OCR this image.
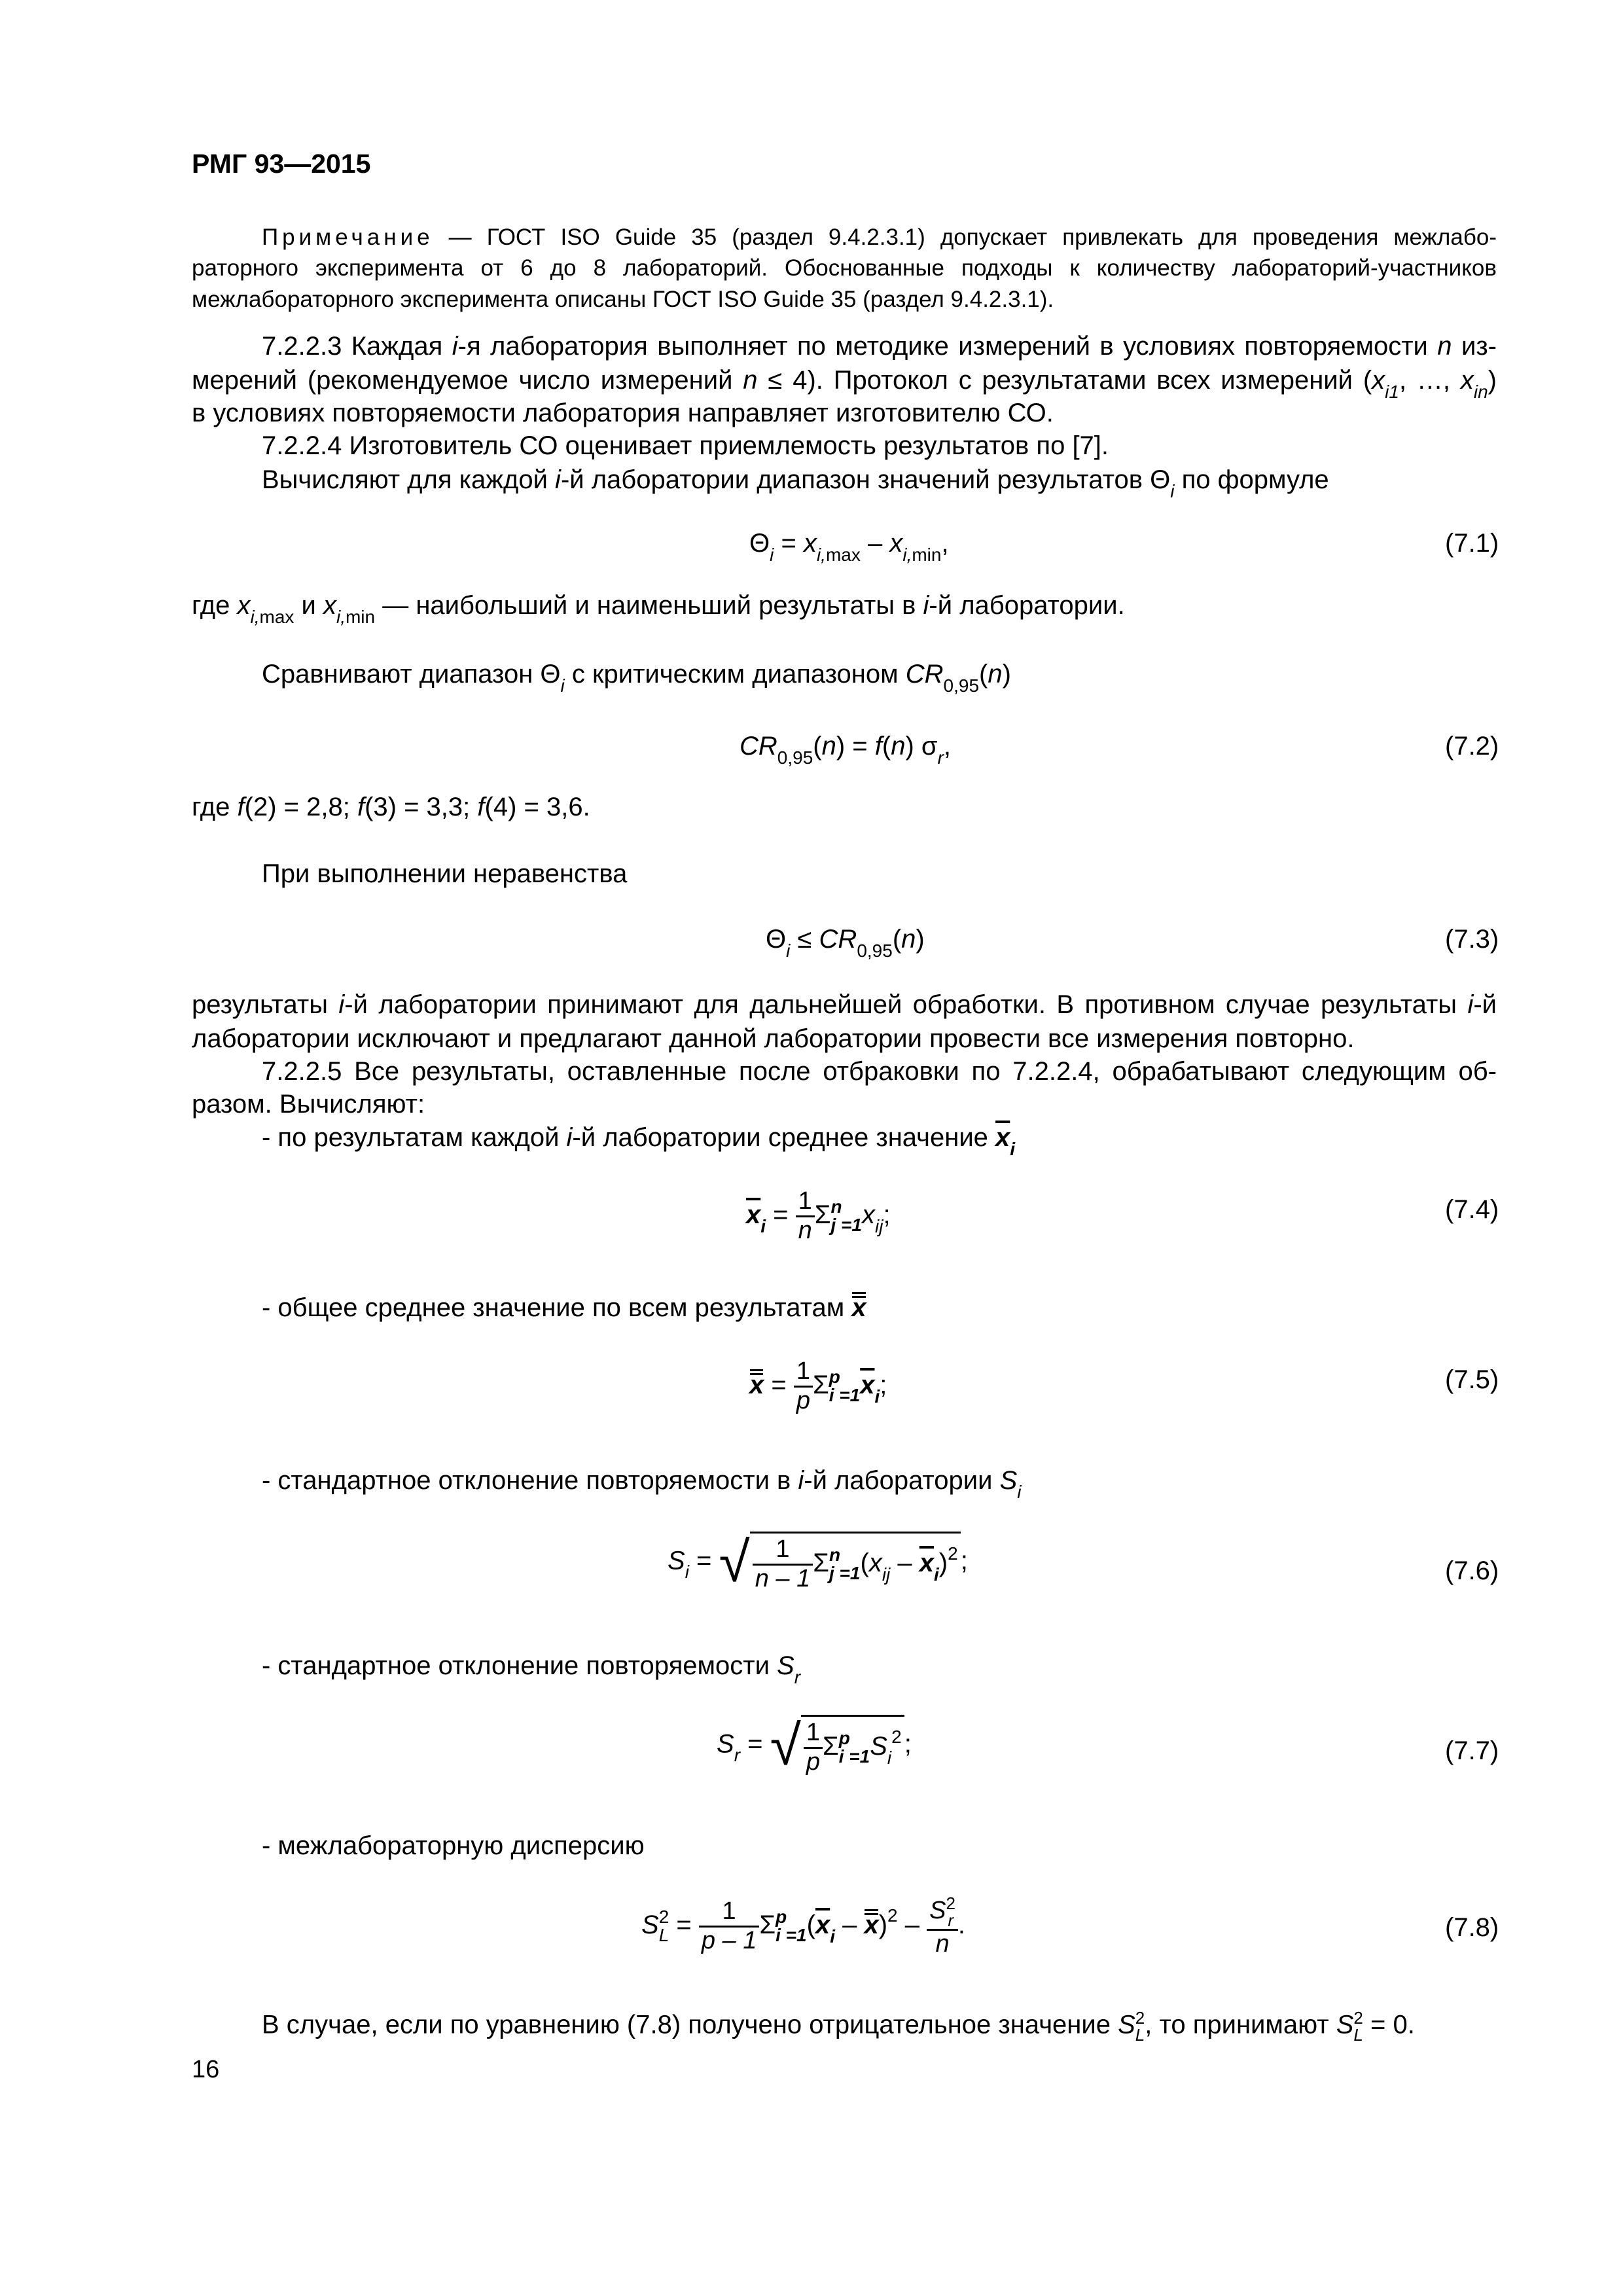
РМГ 93—2015
Примечание — ГОСТ ISO Guide 35 (раздел 9.4.2.3.1) допускает привлекать для проведения межлабо-
раторного эксперимента от 6 до 8 лабораторий. Обоснованные подходы к количеству лабораторий-участников
межлабораторного эксперимента описаны ГОСТ ISO Guide 35 (раздел 9.4.2.3.1).
7.2.2.3 Каждая i-я лаборатория выполняет по методике измерений в условиях повторяемости n из-
мерений (рекомендуемое число измерений n ≤ 4). Протокол с результатами всех измерений ($x_{i1}$, …, $x_{in}$)
в условиях повторяемости лаборатория направляет изготовителю СО.
7.2.2.4 Изготовитель СО оценивает приемлемость результатов по [7].
Вычисляют для каждой i-й лаборатории диапазон значений результатов $\Theta_i$ по формуле
$\Theta_i = x_{i,max} - x_{i,min}$,	(7.1)
где $x_{i,max}$ и $x_{i,min}$ — наибольший и наименьший результаты в i-й лаборатории.
Сравнивают диапазон $\Theta_i$ с критическим диапазоном $CR_{0,95}(n)$
$CR_{0,95}(n) = f(n)$ $\sigma_r$,	(7.2)
где f(2) = 2,8; f(3) = 3,3; f(4) = 3,6.
При выполнении неравенства
$\Theta_i \le CR_{0,95}(n)$	(7.3)
результаты i-й лаборатории принимают для дальнейшей обработки. В противном случае результаты i-й
лаборатории исключают и предлагают данной лаборатории провести все измерения повторно.
7.2.2.5 Все результаты, оставленные после отбраковки по 7.2.2.4, обрабатывают следующим об-
разом. Вычисляют:
- по результатам каждой i-й лаборатории среднее значение $\overline{x}_i$
$\overline{x}_i = \frac{1}{n}$ Σ n
j =1 $x_{ij}$;	(7.4)
- общее среднее значение по всем результатам x
$x = \frac{1}{p}$ Σ p
i =1 $\overline{x}_i$;	(7.5)
- стандартное отклонение повторяемости в i-й лаборатории $S_i$
$S_i$ = √ $\frac{1}{n - 1}$ Σ n
j =1 $(x_{ij} - \overline{x}_i)^2$ ;	(7.6)
- стандартное отклонение повторяемости $S_r$
$S_r$ = √ $\frac{1}{p}$ Σ p
i =1 $S_i^2$ ;	(7.7)
- межлабораторную дисперсию
S 2
$L = \frac{1}{p - 1}$ Σ p
i =1 $(\overline{x}_i - x)^2$ – S 2
r
n .	(7.8)
В случае, если по уравнению (7.8) получено отрицательное значение S 2
L , то принимают S 2
L = 0.
16
